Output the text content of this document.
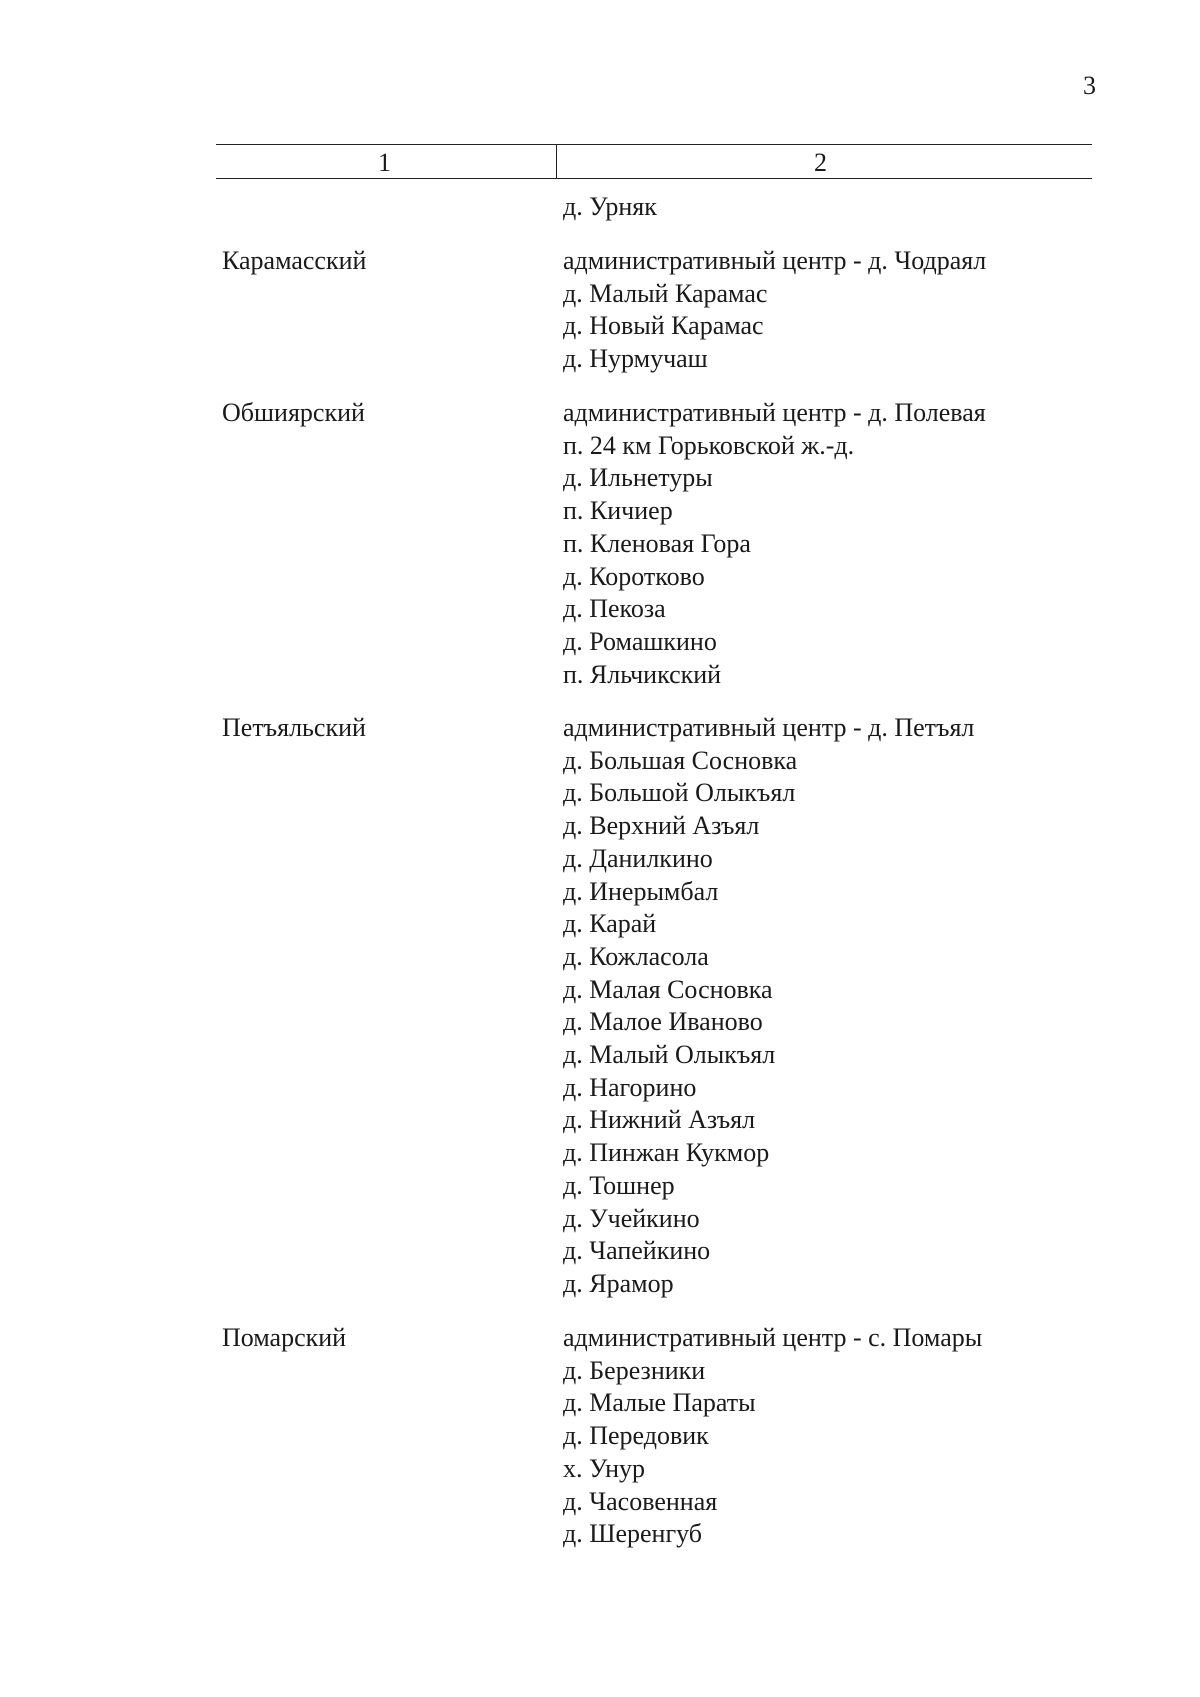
3
1	2
д. Урняк
Карамасский	административный центр - д. Чодраял
д. Малый Карамас
д. Новый Карамас
д. Нурмучаш
Обшиярский	административный центр - д. Полевая
п. 24 км Горьковской ж.-д.
д. Ильнетуры
п. Кичиер
п. Кленовая Гора
д. Коротково
д. Пекоза
д. Ромашкино
п. Яльчикский
Петъяльский	административный центр - д. Петъял
д. Большая Сосновка
д. Большой Олыкъял
д. Верхний Азъял
д. Данилкино
д. Инерымбал
д. Карай
д. Кожласола
д. Малая Сосновка
д. Малое Иваново
д. Малый Олыкъял
д. Нагорино
д. Нижний Азъял
д. Пинжан Кукмор
д. Тошнер
д. Учейкино
д. Чапейкино
д. Ярамор
Помарский	административный центр - с. Помары
д. Березники
д. Малые Параты
д. Передовик
х. Унур
д. Часовенная
д. Шеренгуб
